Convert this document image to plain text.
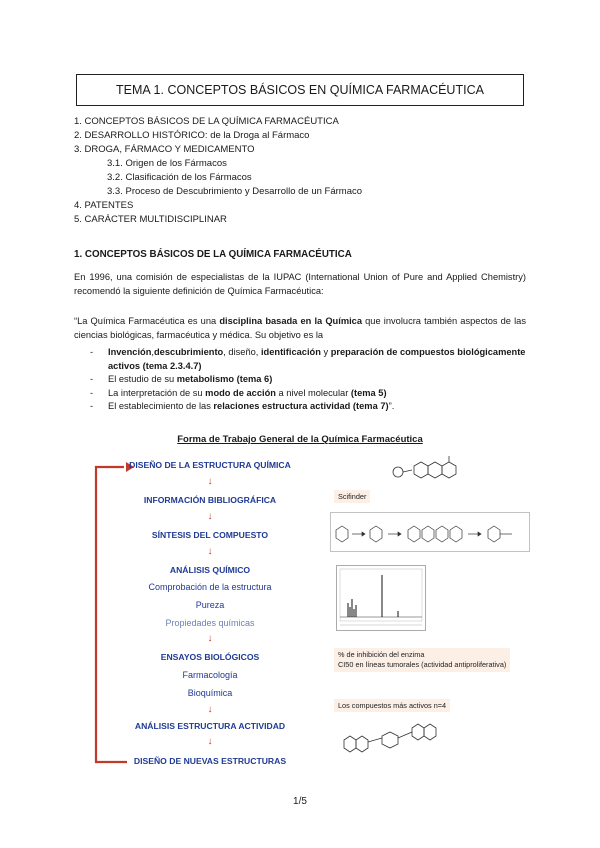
TEMA 1. CONCEPTOS BÁSICOS EN QUÍMICA FARMACÉUTICA
1. CONCEPTOS BÁSICOS DE LA QUÍMICA FARMACÉUTICA
2. DESARROLLO HISTÓRICO: de la Droga al Fármaco
3. DROGA, FÁRMACO Y MEDICAMENTO
3.1. Origen de los Fármacos
3.2. Clasificación de los Fármacos
3.3. Proceso de Descubrimiento y Desarrollo de un Fármaco
4. PATENTES
5. CARÁCTER MULTIDISCIPLINAR
1. CONCEPTOS BÁSICOS DE LA QUÍMICA FARMACÉUTICA
En 1996, una comisión de especialistas de la IUPAC (International Union of Pure and Applied Chemistry) recomendó la siguiente definición de Química Farmacéutica:
“La Química Farmacéutica es una disciplina basada en la Química que involucra también aspectos de las ciencias biológicas, farmacéutica y médica. Su objetivo es la
-	Invención,descubrimiento, diseño, identificación y preparación de compuestos biológicamente activos (tema 2.3.4.7)
-	El estudio de su metabolismo (tema 6)
-	La interpretación de su modo de acción a nivel molecular (tema 5)
-	El establecimiento de las relaciones estructura actividad (tema 7)”.
Forma de Trabajo General de la Química Farmacéutica
DISEÑO DE LA ESTRUCTURA QUÍMICA
↓
INFORMACIÓN BIBLIOGRÁFICA
↓
SÍNTESIS DEL COMPUESTO
↓
ANÁLISIS QUÍMICO
Comprobación de la estructura
Pureza
Propiedades químicas
↓
ENSAYOS BIOLÓGICOS
Farmacología
Bioquímica
↓
ANÁLISIS ESTRUCTURA ACTIVIDAD
↓
DISEÑO DE NUEVAS ESTRUCTURAS
Scifinder
% de inhibición del enzima
CI50 en líneas tumorales (actividad antiproliferativa)
Los compuestos más activos n=4
1/5
